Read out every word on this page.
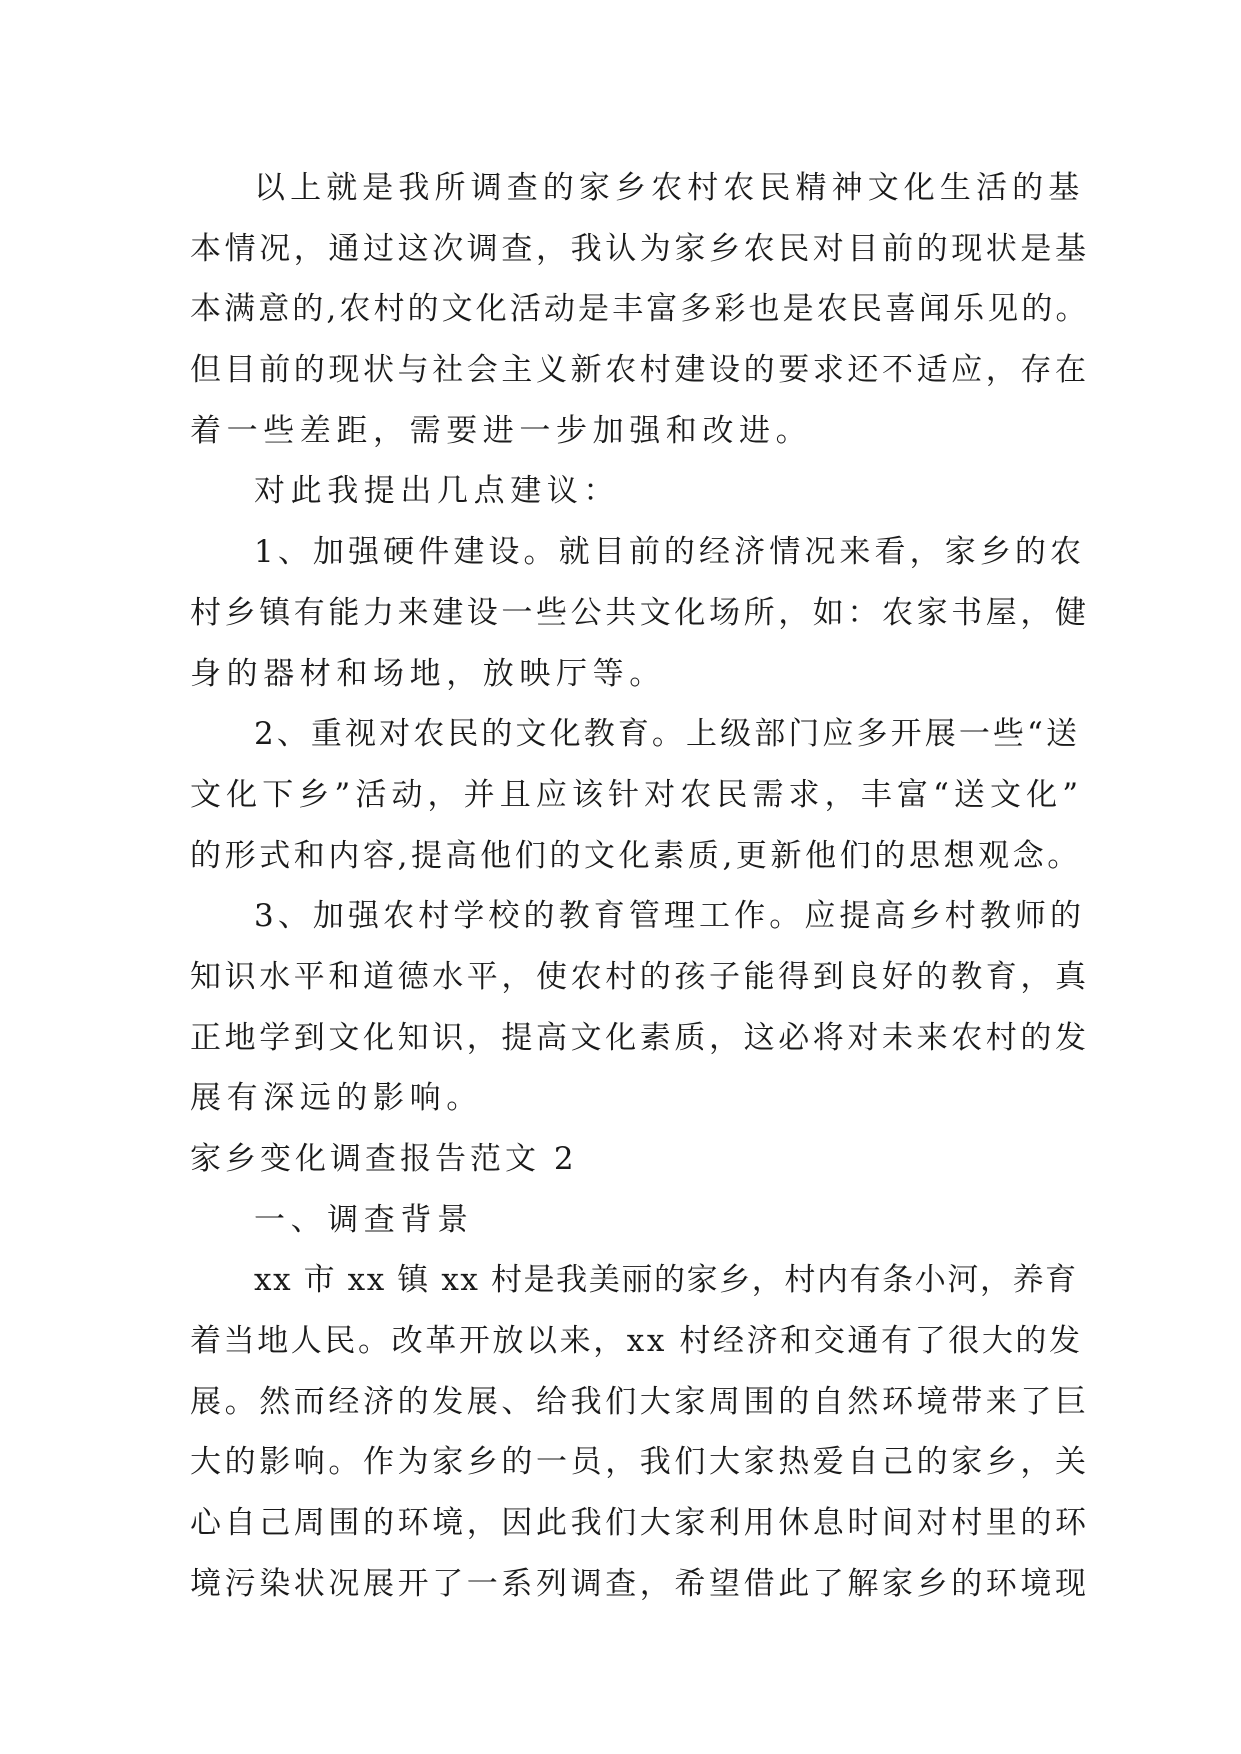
以上就是我所调查的家乡农村农民精神文化生活的基
本情况，通过这次调查，我认为家乡农民对目前的现状是基
本满意的,农村的文化活动是丰富多彩也是农民喜闻乐见的。
但目前的现状与社会主义新农村建设的要求还不适应，存在
着一些差距，需要进一步加强和改进。
对此我提出几点建议：
1、加强硬件建设。就目前的经济情况来看，家乡的农
村乡镇有能力来建设一些公共文化场所，如：农家书屋，健
身的器材和场地，放映厅等。
2、重视对农民的文化教育。上级部门应多开展一些“送
文化下乡”活动，并且应该针对农民需求，丰富“送文化”
的形式和内容,提高他们的文化素质,更新他们的思想观念。
3、加强农村学校的教育管理工作。应提高乡村教师的
知识水平和道德水平，使农村的孩子能得到良好的教育，真
正地学到文化知识，提高文化素质，这必将对未来农村的发
展有深远的影响。
家乡变化调查报告范文 2
一、调查背景
xx 市 xx 镇 xx 村是我美丽的家乡，村内有条小河，养育
着当地人民。改革开放以来，xx 村经济和交通有了很大的发
展。然而经济的发展、给我们大家周围的自然环境带来了巨
大的影响。作为家乡的一员，我们大家热爱自己的家乡，关
心自己周围的环境，因此我们大家利用休息时间对村里的环
境污染状况展开了一系列调查，希望借此了解家乡的环境现
